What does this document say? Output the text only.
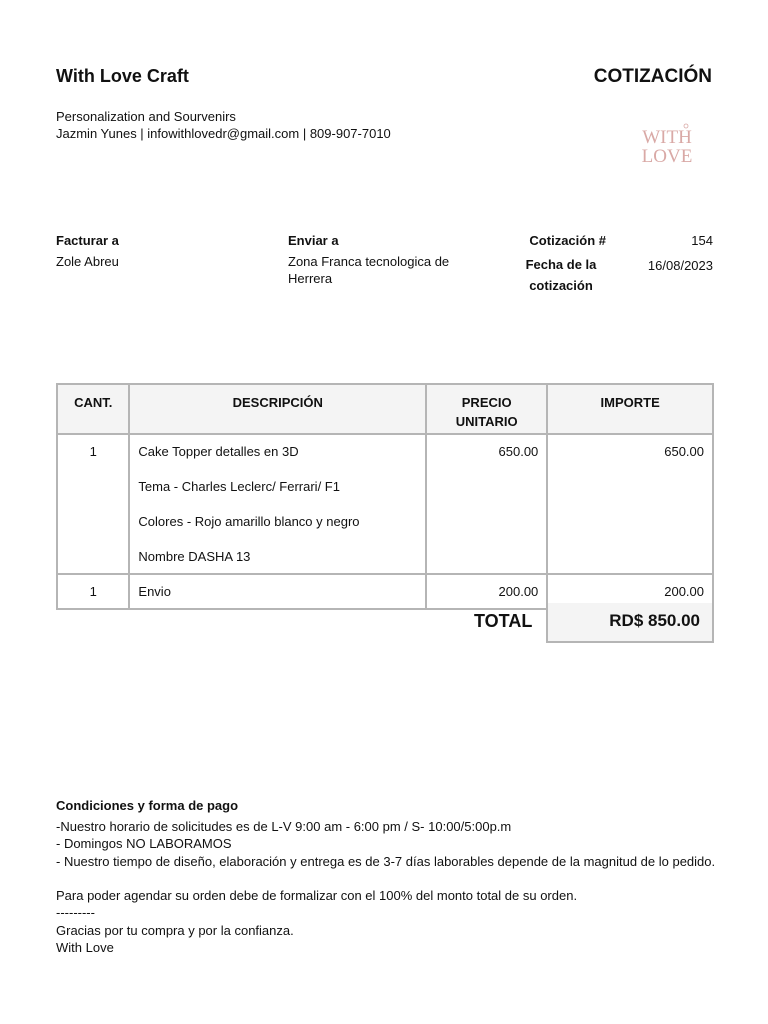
With Love Craft	COTIZACIÓN
Personalization and Sourvenirs
Jazmin Yunes | infowithlovedr@gmail.com | 809-907-7010	WITH
LOVE
Facturar a
Zole Abreu
Enviar a
Zona Franca tecnologica de Herrera
Cotización #	154
Fecha de la cotización
16/08/2023
CANT.	DESCRIPCIÓN	PRECIO UNITARIO	IMPORTE
1	Cake Topper detalles en 3D
Tema - Charles Leclerc/ Ferrari/ F1
Colores - Rojo amarillo blanco y negro
Nombre DASHA 13	650.00	650.00
1	Envio	200.00	200.00
TOTAL	RD$ 850.00
Condiciones y forma de pago
-Nuestro horario de solicitudes es de L-V 9:00 am - 6:00 pm / S- 10:00/5:00p.m
- Domingos NO LABORAMOS
- Nuestro tiempo de diseño, elaboración y entrega es de 3-7 días laborables depende de la magnitud de lo pedido.
Para poder agendar su orden debe de formalizar con el 100% del monto total de su orden.
---------
Gracias por tu compra y por la confianza.
With Love
